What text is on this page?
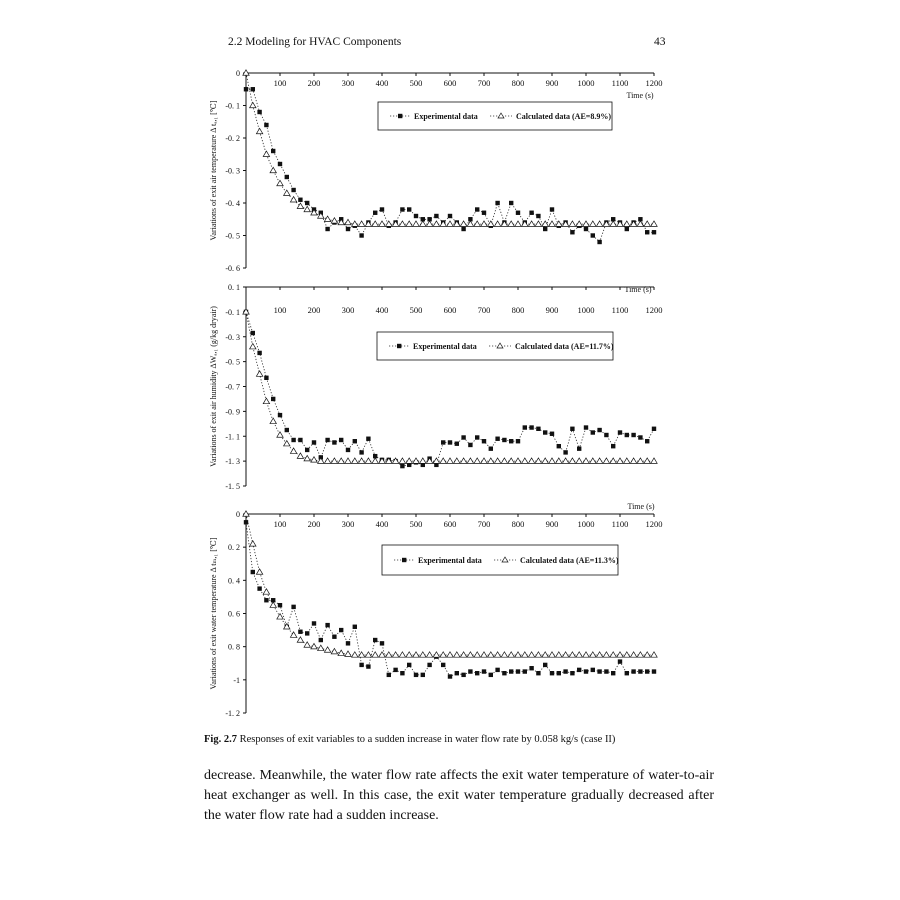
2.2 Modeling for HVAC Components	43
0
-0. 1
-0. 2
-0. 3
-0. 4
-0. 5
-0. 6
100	200	300	400	500	600	700	800	900 1000 1100 1200
Time (s)
Variations of exit air temperature Δ tₐ,₁ [℃]	Experimental data	Calculated data (AE=8.9%)
0. 1
-0. 1
-0. 3
-0. 5
-0. 7
-0. 9
-1. 1
-1. 3
-1. 5
100	200	300	400	500	600	700	800	900 1000 1100 1200
Time (s)
Variations of exit air humidity ΔWₐ,₁ (g/kg dryair)	Experimental data	Calculated data (AE=11.7%)
0
0. 2
0. 4
0. 6
0. 8
-1
-1. 2
100	200	300	400	500	600	700	800	900 1000 1100 1200
Time (s)
Variations of exit water temperature Δ tₘ,₁ [℃]	Experimental data	Calculated data (AE=11.3%)
Fig. 2.7 Responses of exit variables to a sudden increase in water flow rate by 0.058 kg/s (case II)

decrease. Meanwhile, the water flow rate affects the exit water temperature of water-to-air heat exchanger as well. In this case, the exit water temperature gradually decreased after the water flow rate had a sudden increase.
